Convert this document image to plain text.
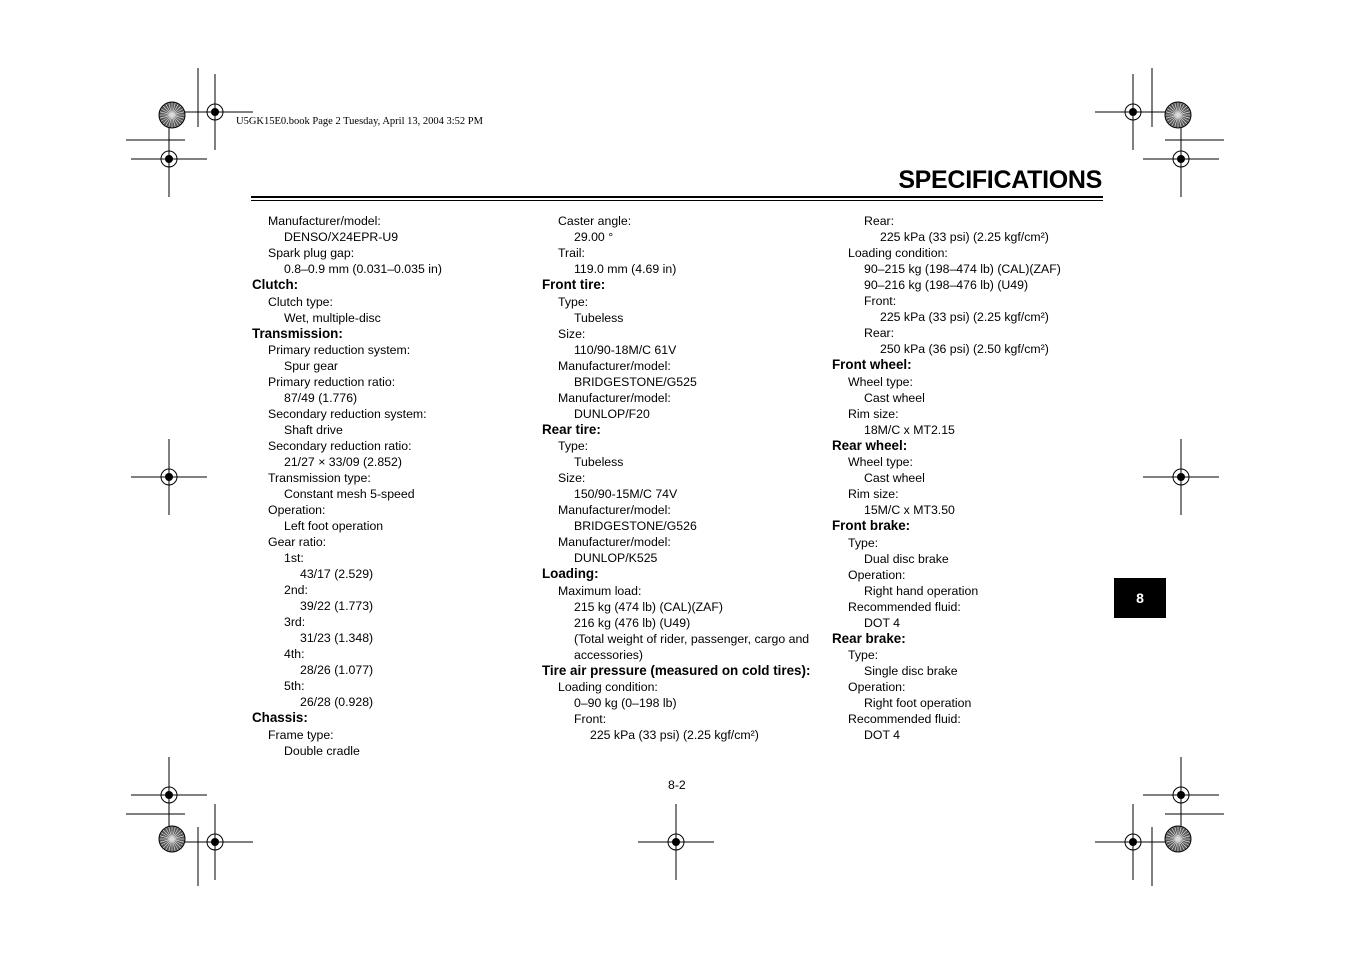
U5GK15E0.book Page 2 Tuesday, April 13, 2004 3:52 PM
SPECIFICATIONS
Manufacturer/model:
DENSO/X24EPR-U9
Spark plug gap:
0.8–0.9 mm (0.031–0.035 in)
Clutch:
Clutch type:
Wet, multiple-disc
Transmission:
Primary reduction system:
Spur gear
Primary reduction ratio:
87/49 (1.776)
Secondary reduction system:
Shaft drive
Secondary reduction ratio:
21/27 × 33/09 (2.852)
Transmission type:
Constant mesh 5-speed
Operation:
Left foot operation
Gear ratio:
1st:
43/17 (2.529)
2nd:
39/22 (1.773)
3rd:
31/23 (1.348)
4th:
28/26 (1.077)
5th:
26/28 (0.928)
Chassis:
Frame type:
Double cradle
Caster angle:
29.00 °
Trail:
119.0 mm (4.69 in)
Front tire:
Type:
Tubeless
Size:
110/90-18M/C 61V
Manufacturer/model:
BRIDGESTONE/G525
Manufacturer/model:
DUNLOP/F20
Rear tire:
Type:
Tubeless
Size:
150/90-15M/C 74V
Manufacturer/model:
BRIDGESTONE/G526
Manufacturer/model:
DUNLOP/K525
Loading:
Maximum load:
215 kg (474 lb) (CAL)(ZAF)
216 kg (476 lb) (U49)
(Total weight of rider, passenger, cargo and accessories)
Tire air pressure (measured on cold tires):
Loading condition:
0–90 kg (0–198 lb)
Front:
225 kPa (33 psi) (2.25 kgf/cm²)
Rear:
225 kPa (33 psi) (2.25 kgf/cm²)
Loading condition:
90–215 kg (198–474 lb) (CAL)(ZAF)
90–216 kg (198–476 lb) (U49)
Front:
225 kPa (33 psi) (2.25 kgf/cm²)
Rear:
250 kPa (36 psi) (2.50 kgf/cm²)
Front wheel:
Wheel type:
Cast wheel
Rim size:
18M/C x MT2.15
Rear wheel:
Wheel type:
Cast wheel
Rim size:
15M/C x MT3.50
Front brake:
Type:
Dual disc brake
Operation:
Right hand operation
Recommended fluid:
DOT 4
Rear brake:
Type:
Single disc brake
Operation:
Right foot operation
Recommended fluid:
DOT 4
8
8-2
